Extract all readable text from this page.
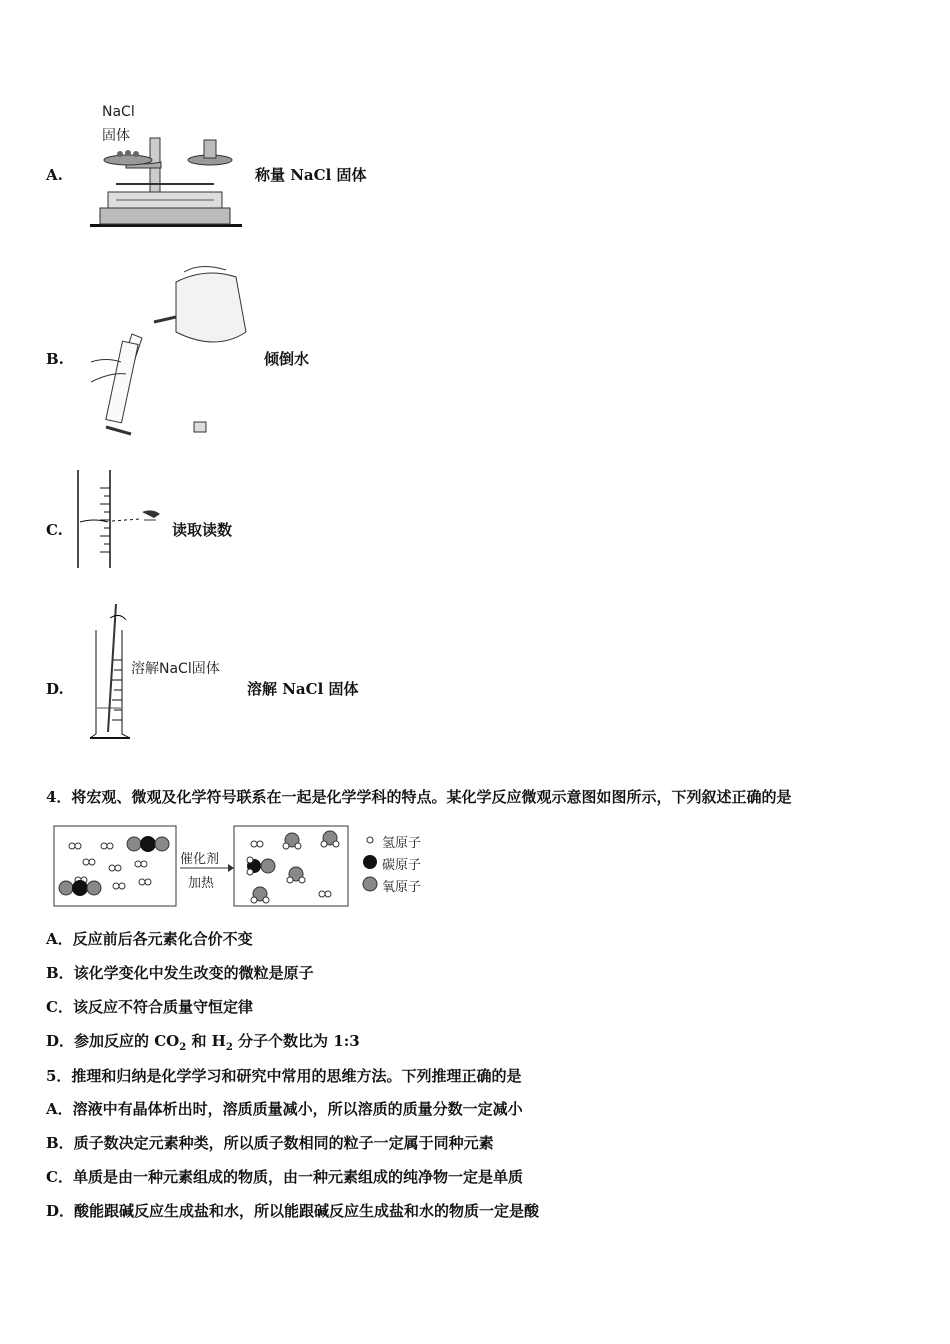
A.
NaCl
固体
称量 NaCl 固体
B.	倾倒水
C.	读取读数
D.
溶解NaCl固体
溶解 NaCl 固体
4．将宏观、微观及化学符号联系在一起是化学学科的特点。某化学反应微观示意图如图所示，下列叙述正确的是
催化剂
加热
氢原子
碳原子
氧原子
A．反应前后各元素化合价不变
B．该化学变化中发生改变的微粒是原子
C．该反应不符合质量守恒定律
D．参加反应的 $CO_2$ 和 $H_2$ 分子个数比为 1:3
5．推理和归纳是化学学习和研究中常用的思维方法。下列推理正确的是
A．溶液中有晶体析出时，溶质质量减小，所以溶质的质量分数一定减小
B．质子数决定元素种类，所以质子数相同的粒子一定属于同种元素
C．单质是由一种元素组成的物质，由一种元素组成的纯净物一定是单质
D．酸能跟碱反应生成盐和水，所以能跟碱反应生成盐和水的物质一定是酸
